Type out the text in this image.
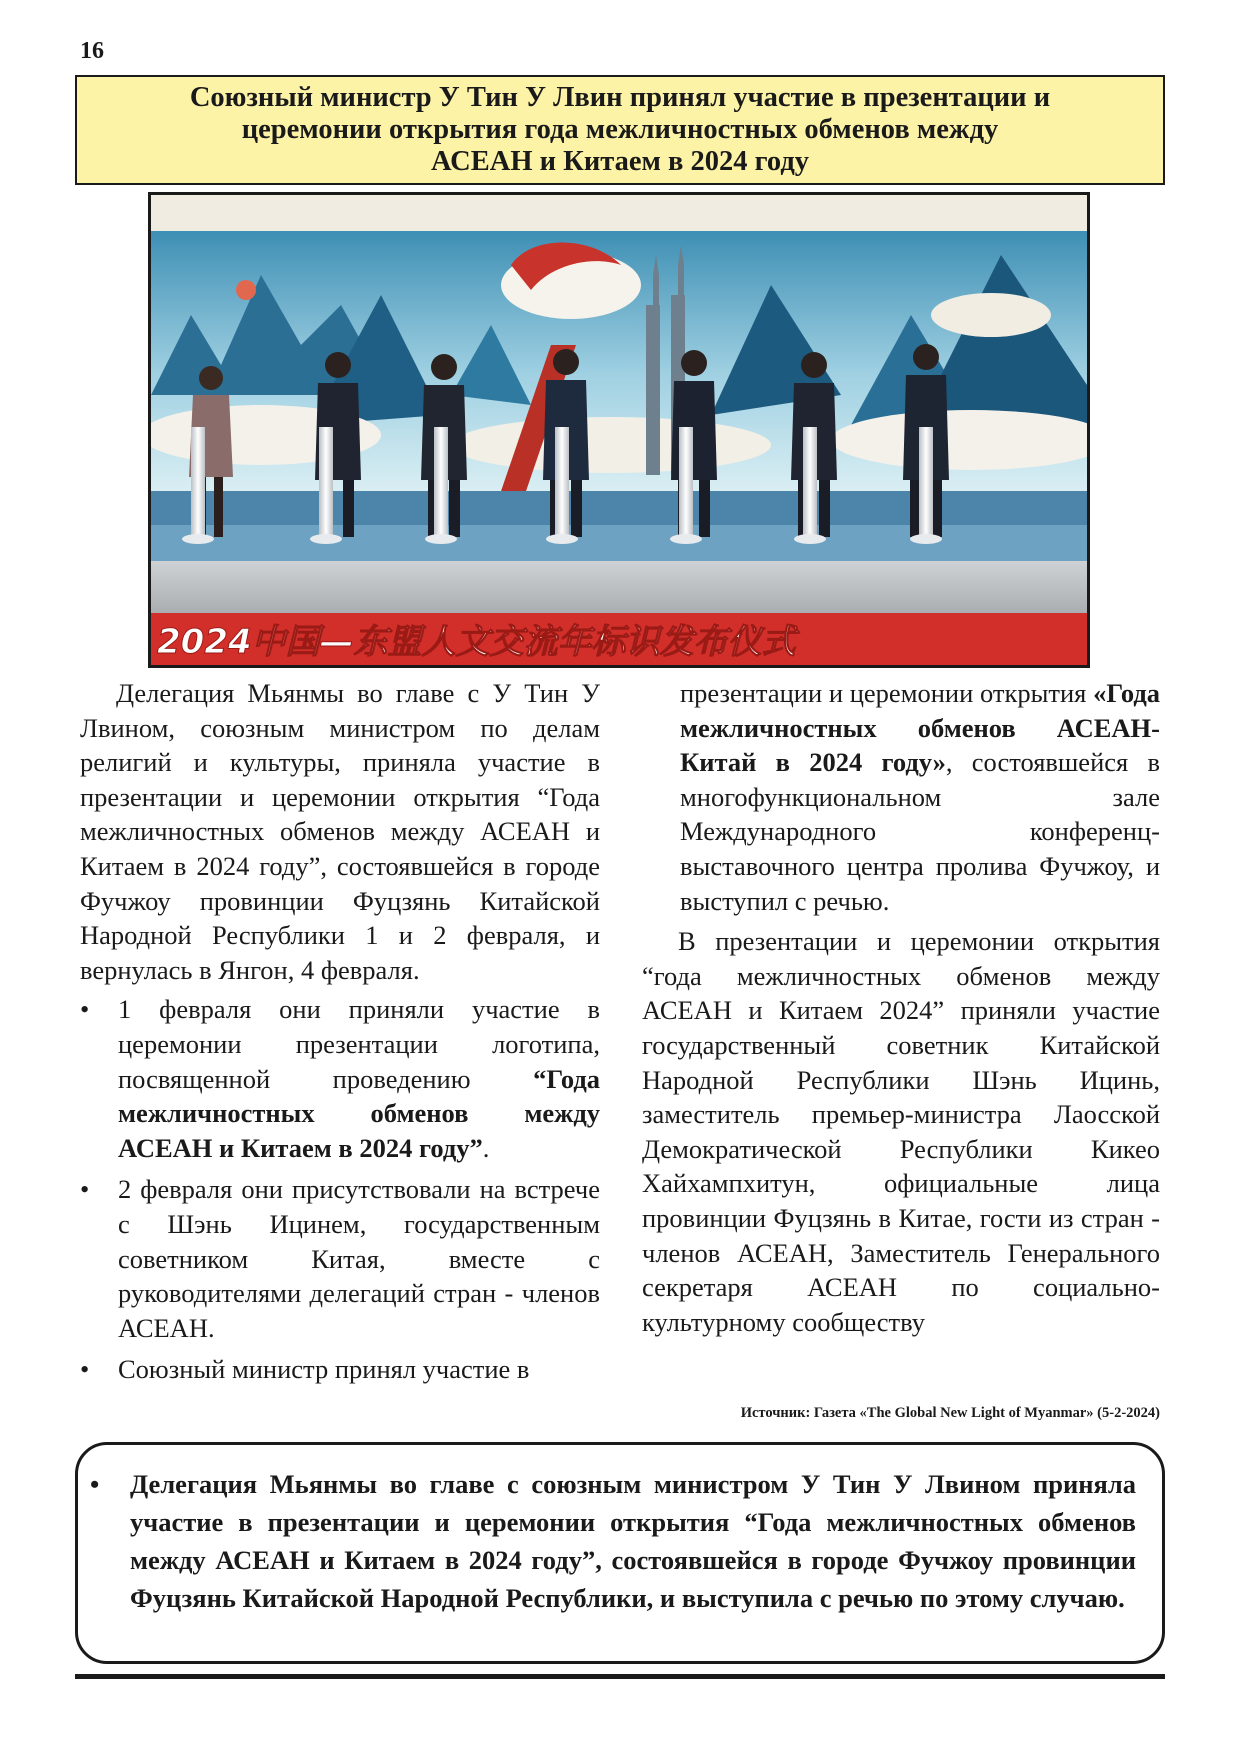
16
Союзный министр У Тин У Лвин принял участие в презентации и
церемонии открытия года межличностных обменов между
АСЕАН и Китаем в 2024 году
2024中国—东盟人文交流年标识发布仪式

Делегация Мьянмы во главе с У Тин У Лвином, союзным министром по делам религий и культуры, приняла участие в презентации и церемонии открытия “Года межличностных обменов между АСЕАН и Китаем в 2024 году”, состоявшейся в городе Фучжоу провинции Фуцзянь Китайской Народной Республики 1 и 2 февраля, и вернулась в Янгон, 4 февраля.

• 1 февраля они приняли участие в церемонии презентации логотипа, посвященной проведению “Года межличностных обменов между АСЕАН и Китаем в 2024 году”.
• 2 февраля они присутствовали на встрече с Шэнь Ицинем, государственным советником Китая, вместе с руководителями делегаций стран - членов АСЕАН.
• Союзный министр принял участие в

презентации и церемонии открытия «Года межличностных обменов АСЕАН-Китай в 2024 году», состоявшейся в многофункциональном зале Международного конференц-выставочного центра пролива Фучжоу, и выступил с речью.

В презентации и церемонии открытия “года межличностных обменов между АСЕАН и Китаем 2024” приняли участие государственный советник Китайской Народной Республики Шэнь Ицинь, заместитель премьер-министра Лаосской Демократической Республики Кикео Хайхампхитун, официальные лица провинции Фуцзянь в Китае, гости из стран - членов АСЕАН, Заместитель Генерального секретаря АСЕАН по социально-культурному сообществу

Источник: Газета «The Global New Light of Myanmar» (5-2-2024)

• Делегация Мьянмы во главе с союзным министром У Тин У Лвином приняла участие в презентации и церемонии открытия “Года межличностных обменов между АСЕАН и Китаем в 2024 году”, состоявшейся в городе Фучжоу провинции Фуцзянь Китайской Народной Республики, и выступила с речью по этому случаю.
